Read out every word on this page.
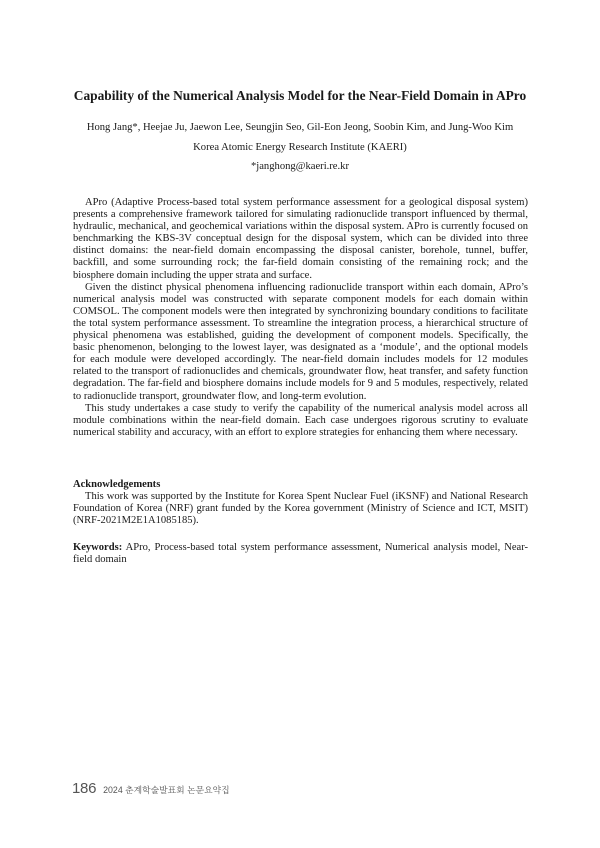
Capability of the Numerical Analysis Model for the Near-Field Domain in APro
Hong Jang*, Heejae Ju, Jaewon Lee, Seungjin Seo, Gil-Eon Jeong, Soobin Kim, and Jung-Woo Kim
Korea Atomic Energy Research Institute (KAERI)
*janghong@kaeri.re.kr

APro (Adaptive Process-based total system performance assessment for a geological disposal system) presents a comprehensive framework tailored for simulating radionuclide transport influenced by thermal, hydraulic, mechanical, and geochemical variations within the disposal system. APro is currently focused on benchmarking the KBS-3V conceptual design for the disposal system, which can be divided into three distinct domains: the near-field domain encompassing the disposal canister, borehole, tunnel, buffer, backfill, and some surrounding rock; the far-field domain consisting of the remaining rock; and the biosphere domain including the upper strata and surface.

Given the distinct physical phenomena influencing radionuclide transport within each domain, APro’s numerical analysis model was constructed with separate component models for each domain within COMSOL. The component models were then integrated by synchronizing boundary conditions to facilitate the total system performance assessment. To streamline the integration process, a hierarchical structure of physical phenomena was established, guiding the development of component models. Specifically, the basic phenomenon, belonging to the lowest layer, was designated as a ‘module’, and the optional models for each module were developed accordingly. The near-field domain includes models for 12 modules related to the transport of radionuclides and chemicals, groundwater flow, heat transfer, and safety function degradation. The far-field and biosphere domains include models for 9 and 5 modules, respectively, related to radionuclide transport, groundwater flow, and long-term evolution.

This study undertakes a case study to verify the capability of the numerical analysis model across all module combinations within the near-field domain. Each case undergoes rigorous scrutiny to evaluate numerical stability and accuracy, with an effort to explore strategies for enhancing them where necessary.

Acknowledgements

This work was supported by the Institute for Korea Spent Nuclear Fuel (iKSNF) and National Research Foundation of Korea (NRF) grant funded by the Korea government (Ministry of Science and ICT, MSIT) (NRF-2021M2E1A1085185).

Keywords: APro, Process-based total system performance assessment, Numerical analysis model, Near-field domain
186 2024 춘계학술발표회 논문요약집
